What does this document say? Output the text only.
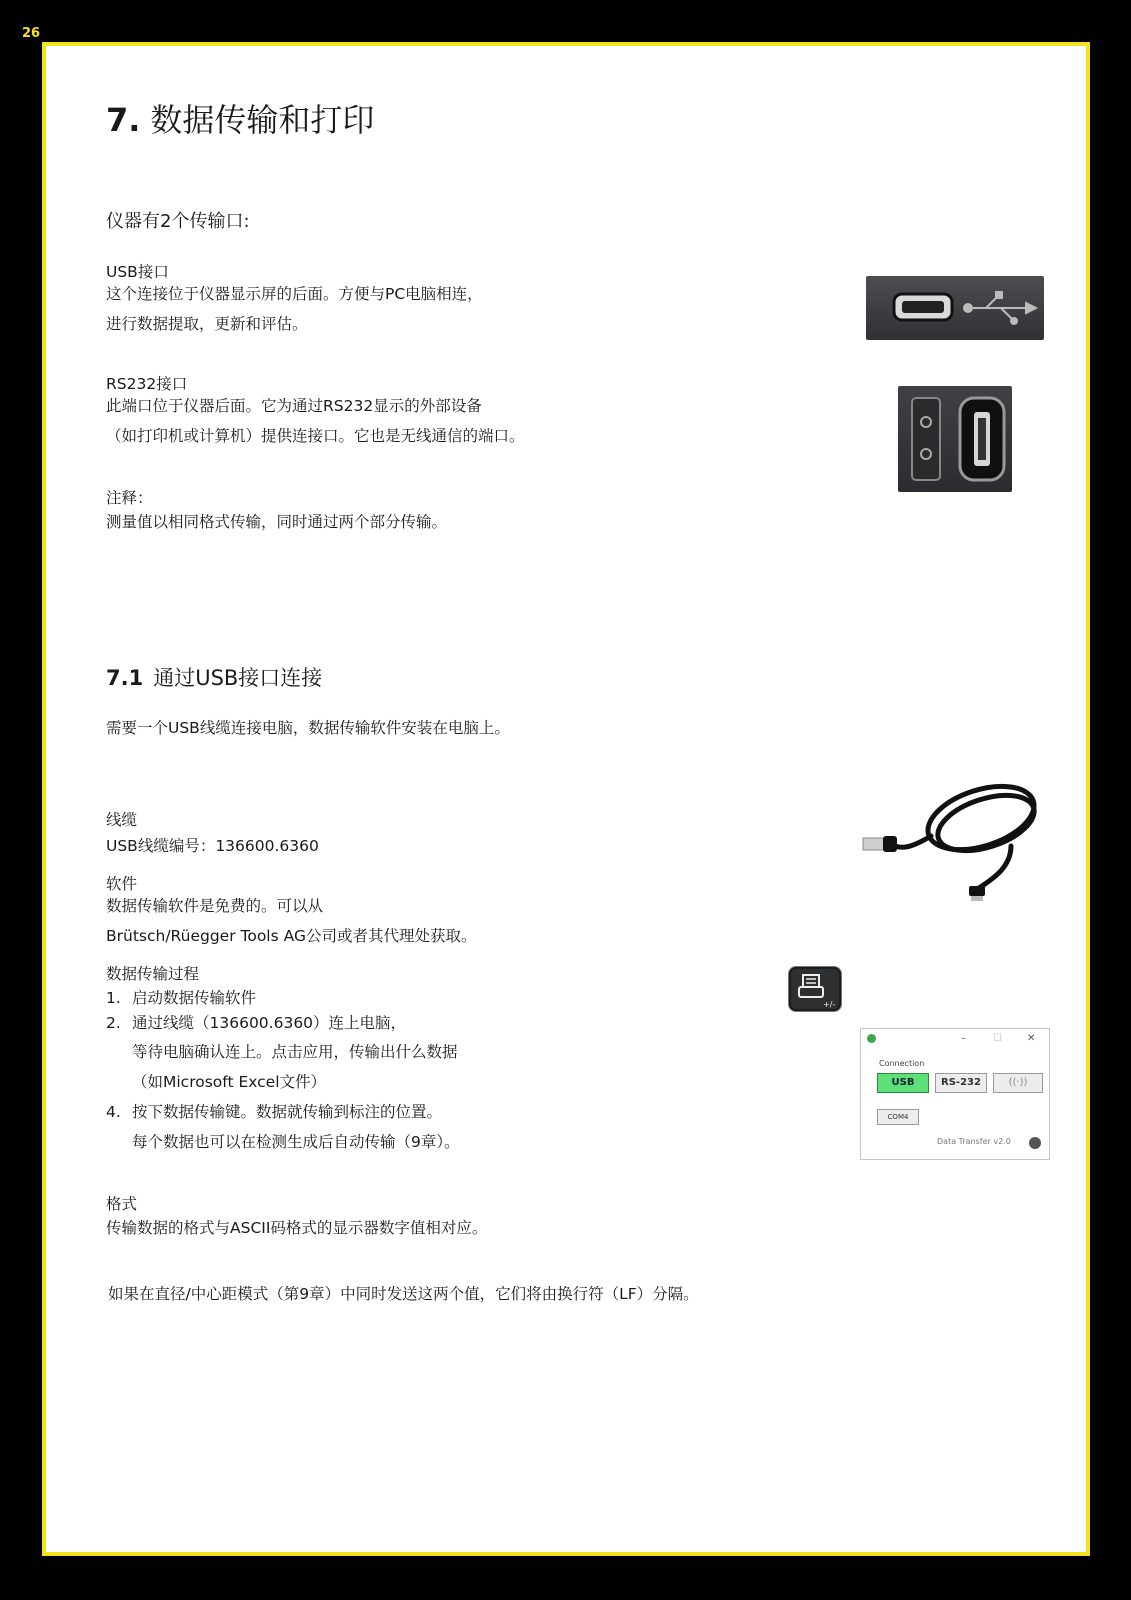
26
7. 数据传输和打印
仪器有2个传输口:
USB接口
这个连接位于仪器显示屏的后面。方便与PC电脑相连，
进行数据提取，更新和评估。
RS232接口
此端口位于仪器后面。它为通过RS232显示的外部设备
（如打印机或计算机）提供连接口。它也是无线通信的端口。
注释：
测量值以相同格式传输，同时通过两个部分传输。
7.1 通过USB接口连接
需要一个USB线缆连接电脑，数据传输软件安装在电脑上。
线缆
USB线缆编号：136600.6360
软件
数据传输软件是免费的。可以从
Brütsch/Rüegger Tools AG公司或者其代理处获取。
数据传输过程
1. 启动数据传输软件
2. 通过线缆（136600.6360）连上电脑，
等待电脑确认连上。点击应用，传输出什么数据
（如Microsoft Excel文件）
4. 按下数据传输键。数据就传输到标注的位置。
每个数据也可以在检测生成后自动传输（9章）。
+/-
–	☐	✕
Connection
USB	RS-232	((·))
COM4
Data Transfer v2.0
格式
传输数据的格式与ASCII码格式的显示器数字值相对应。
如果在直径/中心距模式（第9章）中同时发送这两个值，它们将由换行符（LF）分隔。
